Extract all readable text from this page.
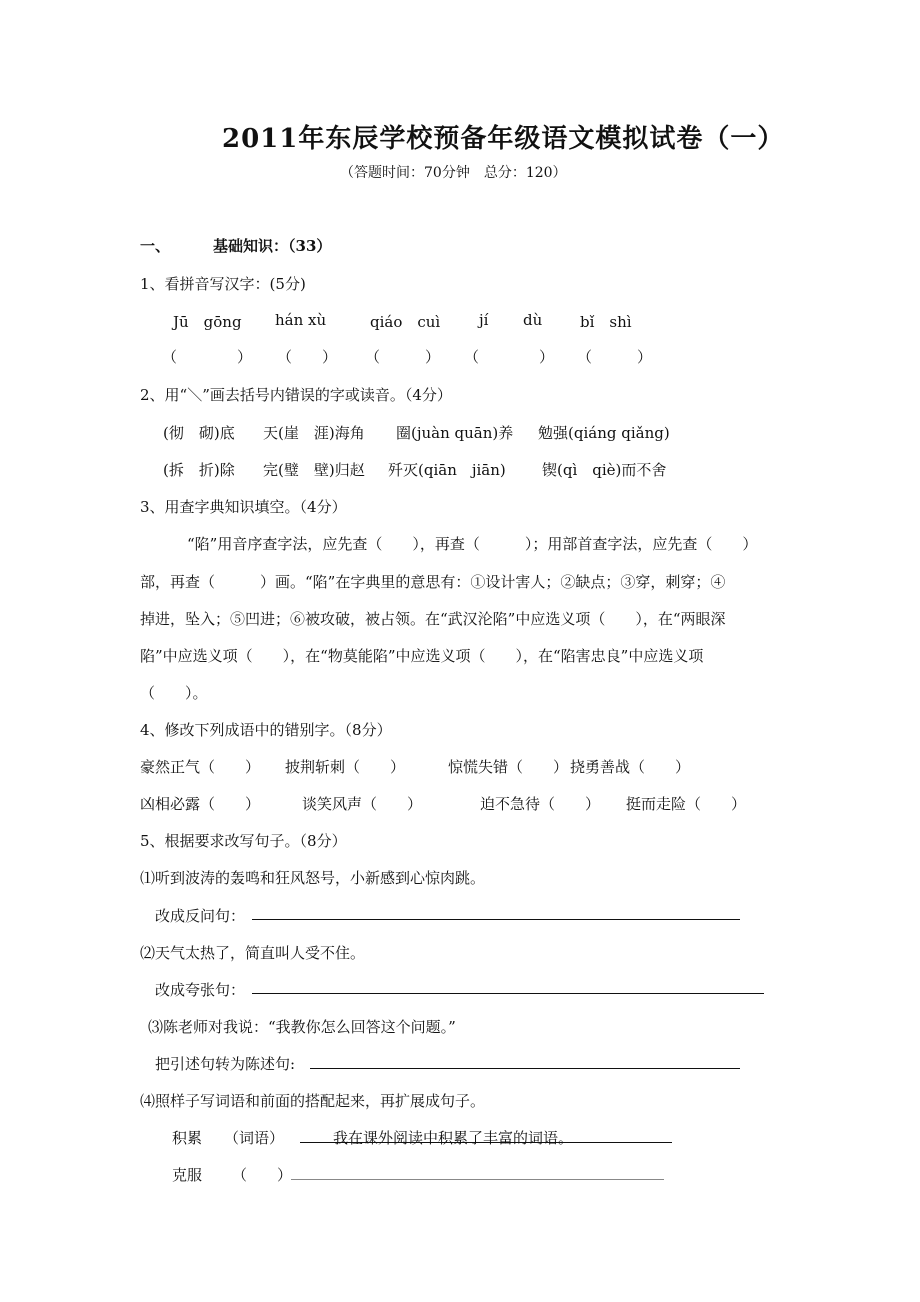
2011年东辰学校预备年级语文模拟试卷（一）
（答题时间：70分钟　总分：120）
一、	基础知识：（33）
1、看拼音写汉字：(5分)
Jū　gōng hán xù	qiáo　cuì	jí dù	bǐ　shì
（　　　　） （　　） （　　　） （　　　　） （　　　）
2、用“＼”画去括号内错误的字或读音。（4分）
(彻　砌)底 天(崖　涯)海角 圈(juàn quān)养 勉强(qiáng qiǎng)
(拆　折)除 完(璧　壁)归赵 歼灭(qiān　jiān) 锲(qì　qiè)而不舍
3、用查字典知识填空。（4分）
“陷”用音序查字法，应先查（　　），再查（　　　）；用部首查字法，应先查（　　）
部，再查（　　　）画。“陷”在字典里的意思有：①设计害人；②缺点；③穿，刺穿；④
掉进，坠入；⑤凹进；⑥被攻破，被占领。在“武汉沦陷”中应选义项（　　），在“两眼深
陷”中应选义项（　　），在“物莫能陷”中应选义项（　　），在“陷害忠良”中应选义项
（　　）。
4、修改下列成语中的错别字。（8分）
豪然正气（　　） 披荆斩刺（　　）	惊慌失错（　　） 挠勇善战（　　）
凶相必露（　　）	谈笑风声（　　）	迫不急待（　　） 挺而走险（　　）
5、根据要求改写句子。（8分）
⑴听到波涛的轰鸣和狂风怒号，小新感到心惊肉跳。
改成反问句：
⑵天气太热了，简直叫人受不住。
改成夸张句：
⑶陈老师对我说：“我教你怎么回答这个问题。”
把引述句转为陈述句:
⑷照样子写词语和前面的搭配起来，再扩展成句子。
积累 （词语）	我在课外阅读中积累了丰富的词语。
克服 （　　）
